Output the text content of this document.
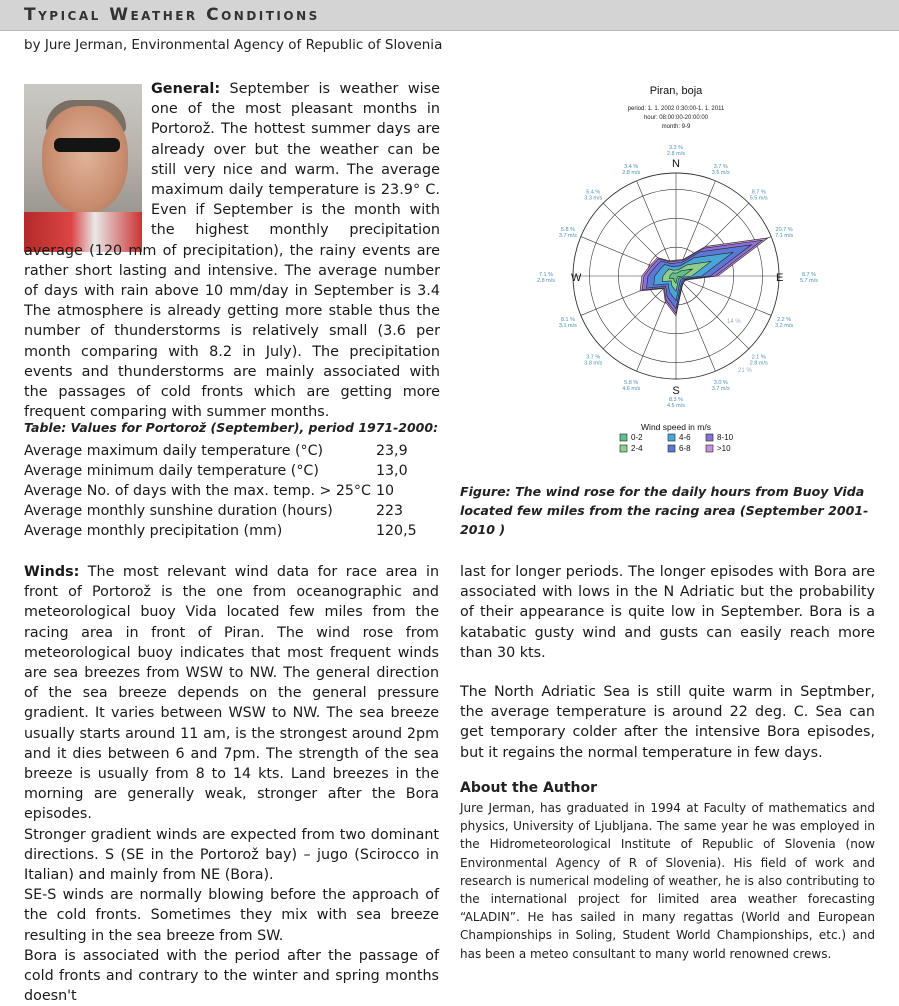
Typical Weather Conditions
by Jure Jerman, Environmental Agency of Republic of Slovenia
General: September is weather wise one of the most pleasant months in Portorož. The hottest summer days are already over but the weather can be still very nice and warm. The average maximum daily temperature is 23.9° C. Even if September is the month with the highest monthly precipitation average (120 mm of precipitation), the rainy events are rather short lasting and intensive. The average number of days with rain above 10 mm/day in September is 3.4 The atmosphere is already getting more stable thus the number of thunderstorms is relatively small (3.6 per month comparing with 8.2 in July). The precipitation events and thunderstorms are mainly associated with the passages of cold fronts which are getting more frequent comparing with summer months.
Table: Values for Portorož (September), period 1971-2000:
Average maximum daily temperature (°C)	23,9
Average minimum daily temperature (°C)	13,0
Average No. of days with the max. temp. > 25°C 10
Average monthly sunshine duration (hours)	223
Average monthly precipitation (mm)	120,5
Piran, boja
period: 1. 1. 2002 0:30:00-1. 1. 2011
hour: 08:00:00-20:00:00
month: 9-9
3.3 %
2.8 m/s
3.7 %
3.6 m/s
8.7 %
5.5 m/s
20.7 %
7.1 m/s
8.7 %
5.7 m/s
2.2 %
3.2 m/s
2.1 %
2.8 m/s
3.0 %
3.7 m/s
8.3 %
4.5 m/s
5.8 %
4.6 m/s
3.7 %
3.8 m/s
8.1 %
3.1 m/s
7.1 %
2.8 m/s
5.8 %
3.7 m/s
5.4 %
3.3 m/s
3.4 %
2.8 m/s
14 %
21 %
N
S
W	E
Wind speed in m/s
0-2	4-6	8-10
2-4	6-8	>10
Figure: The wind rose for the daily hours from Buoy Vida located few miles from the racing area (September 2001-2010 )

Winds: The most relevant wind data for race area in front of Portorož is the one from oceanographic and meteorological buoy Vida located few miles from the racing area in front of Piran. The wind rose from meteorological buoy indicates that most frequent winds are sea breezes from WSW to NW. The general direction of the sea breeze depends on the general pressure gradient. It varies between WSW to NW. The sea breeze usually starts around 11 am, is the strongest around 2pm and it dies between 6 and 7pm. The strength of the sea breeze is usually from 8 to 14 kts. Land breezes in the morning are generally weak, stronger after the Bora episodes.

Stronger gradient winds are expected from two dominant directions. S (SE in the Portorož bay) – jugo (Scirocco in Italian) and mainly from NE (Bora).

SE-S winds are normally blowing before the approach of the cold fronts. Sometimes they mix with sea breeze resulting in the sea breeze from SW.

Bora is associated with the period after the passage of cold fronts and contrary to the winter and spring months doesn't

last for longer periods. The longer episodes with Bora are associated with lows in the N Adriatic but the probability of their appearance is quite low in September. Bora is a katabatic gusty wind and gusts can easily reach more than 30 kts.

The North Adriatic Sea is still quite warm in Septmber, the average temperature is around 22 deg. C. Sea can get temporary colder after the intensive Bora episodes, but it regains the normal temperature in few days.

About the Author
Jure Jerman, has graduated in 1994 at Faculty of mathematics and physics, University of Ljubljana. The same year he was employed in the Hidrometeorological Institute of Republic of Slovenia (now Environmental Agency of R of Slovenia). His field of work and research is numerical modeling of weather, he is also contributing to the international project for limited area weather forecasting “ALADIN”. He has sailed in many regattas (World and European Championships in Soling, Student World Championships, etc.) and has been a meteo consultant to many world renowned crews.
